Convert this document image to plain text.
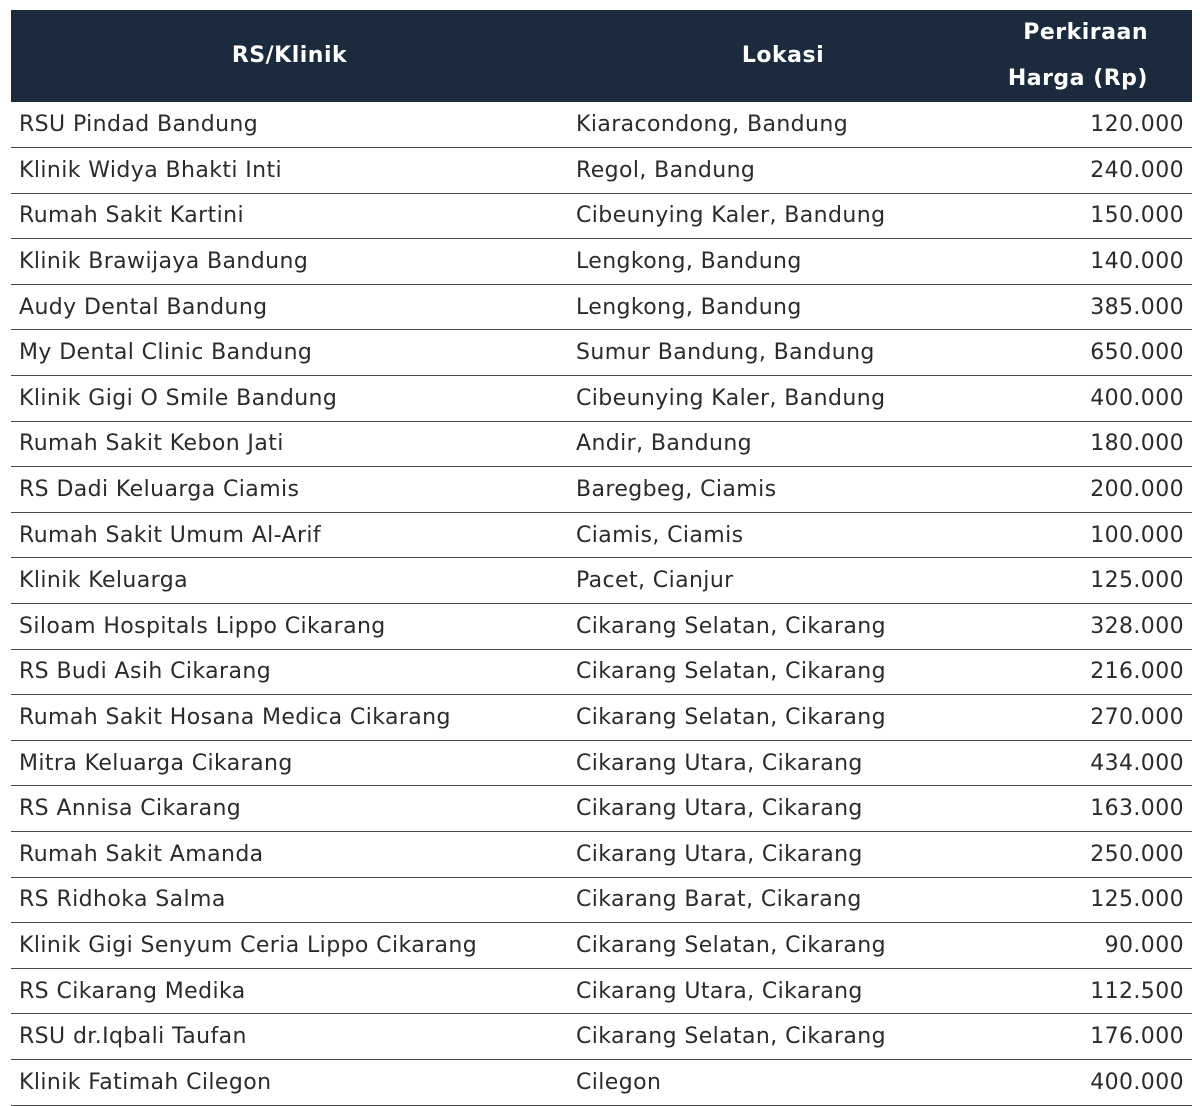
RS/Klinik	Lokasi	Perkiraan
Harga (Rp)
RSU Pindad Bandung	Kiaracondong, Bandung	120.000
Klinik Widya Bhakti Inti	Regol, Bandung	240.000
Rumah Sakit Kartini	Cibeunying Kaler, Bandung	150.000
Klinik Brawijaya Bandung	Lengkong, Bandung	140.000
Audy Dental Bandung	Lengkong, Bandung	385.000
My Dental Clinic Bandung	Sumur Bandung, Bandung	650.000
Klinik Gigi O Smile Bandung	Cibeunying Kaler, Bandung	400.000
Rumah Sakit Kebon Jati	Andir, Bandung	180.000
RS Dadi Keluarga Ciamis	Baregbeg, Ciamis	200.000
Rumah Sakit Umum Al-Arif	Ciamis, Ciamis	100.000
Klinik Keluarga	Pacet, Cianjur	125.000
Siloam Hospitals Lippo Cikarang	Cikarang Selatan, Cikarang	328.000
RS Budi Asih Cikarang	Cikarang Selatan, Cikarang	216.000
Rumah Sakit Hosana Medica Cikarang	Cikarang Selatan, Cikarang	270.000
Mitra Keluarga Cikarang	Cikarang Utara, Cikarang	434.000
RS Annisa Cikarang	Cikarang Utara, Cikarang	163.000
Rumah Sakit Amanda	Cikarang Utara, Cikarang	250.000
RS Ridhoka Salma	Cikarang Barat, Cikarang	125.000
Klinik Gigi Senyum Ceria Lippo Cikarang	Cikarang Selatan, Cikarang	90.000
RS Cikarang Medika	Cikarang Utara, Cikarang	112.500
RSU dr.Iqbali Taufan	Cikarang Selatan, Cikarang	176.000
Klinik Fatimah Cilegon	Cilegon	400.000
